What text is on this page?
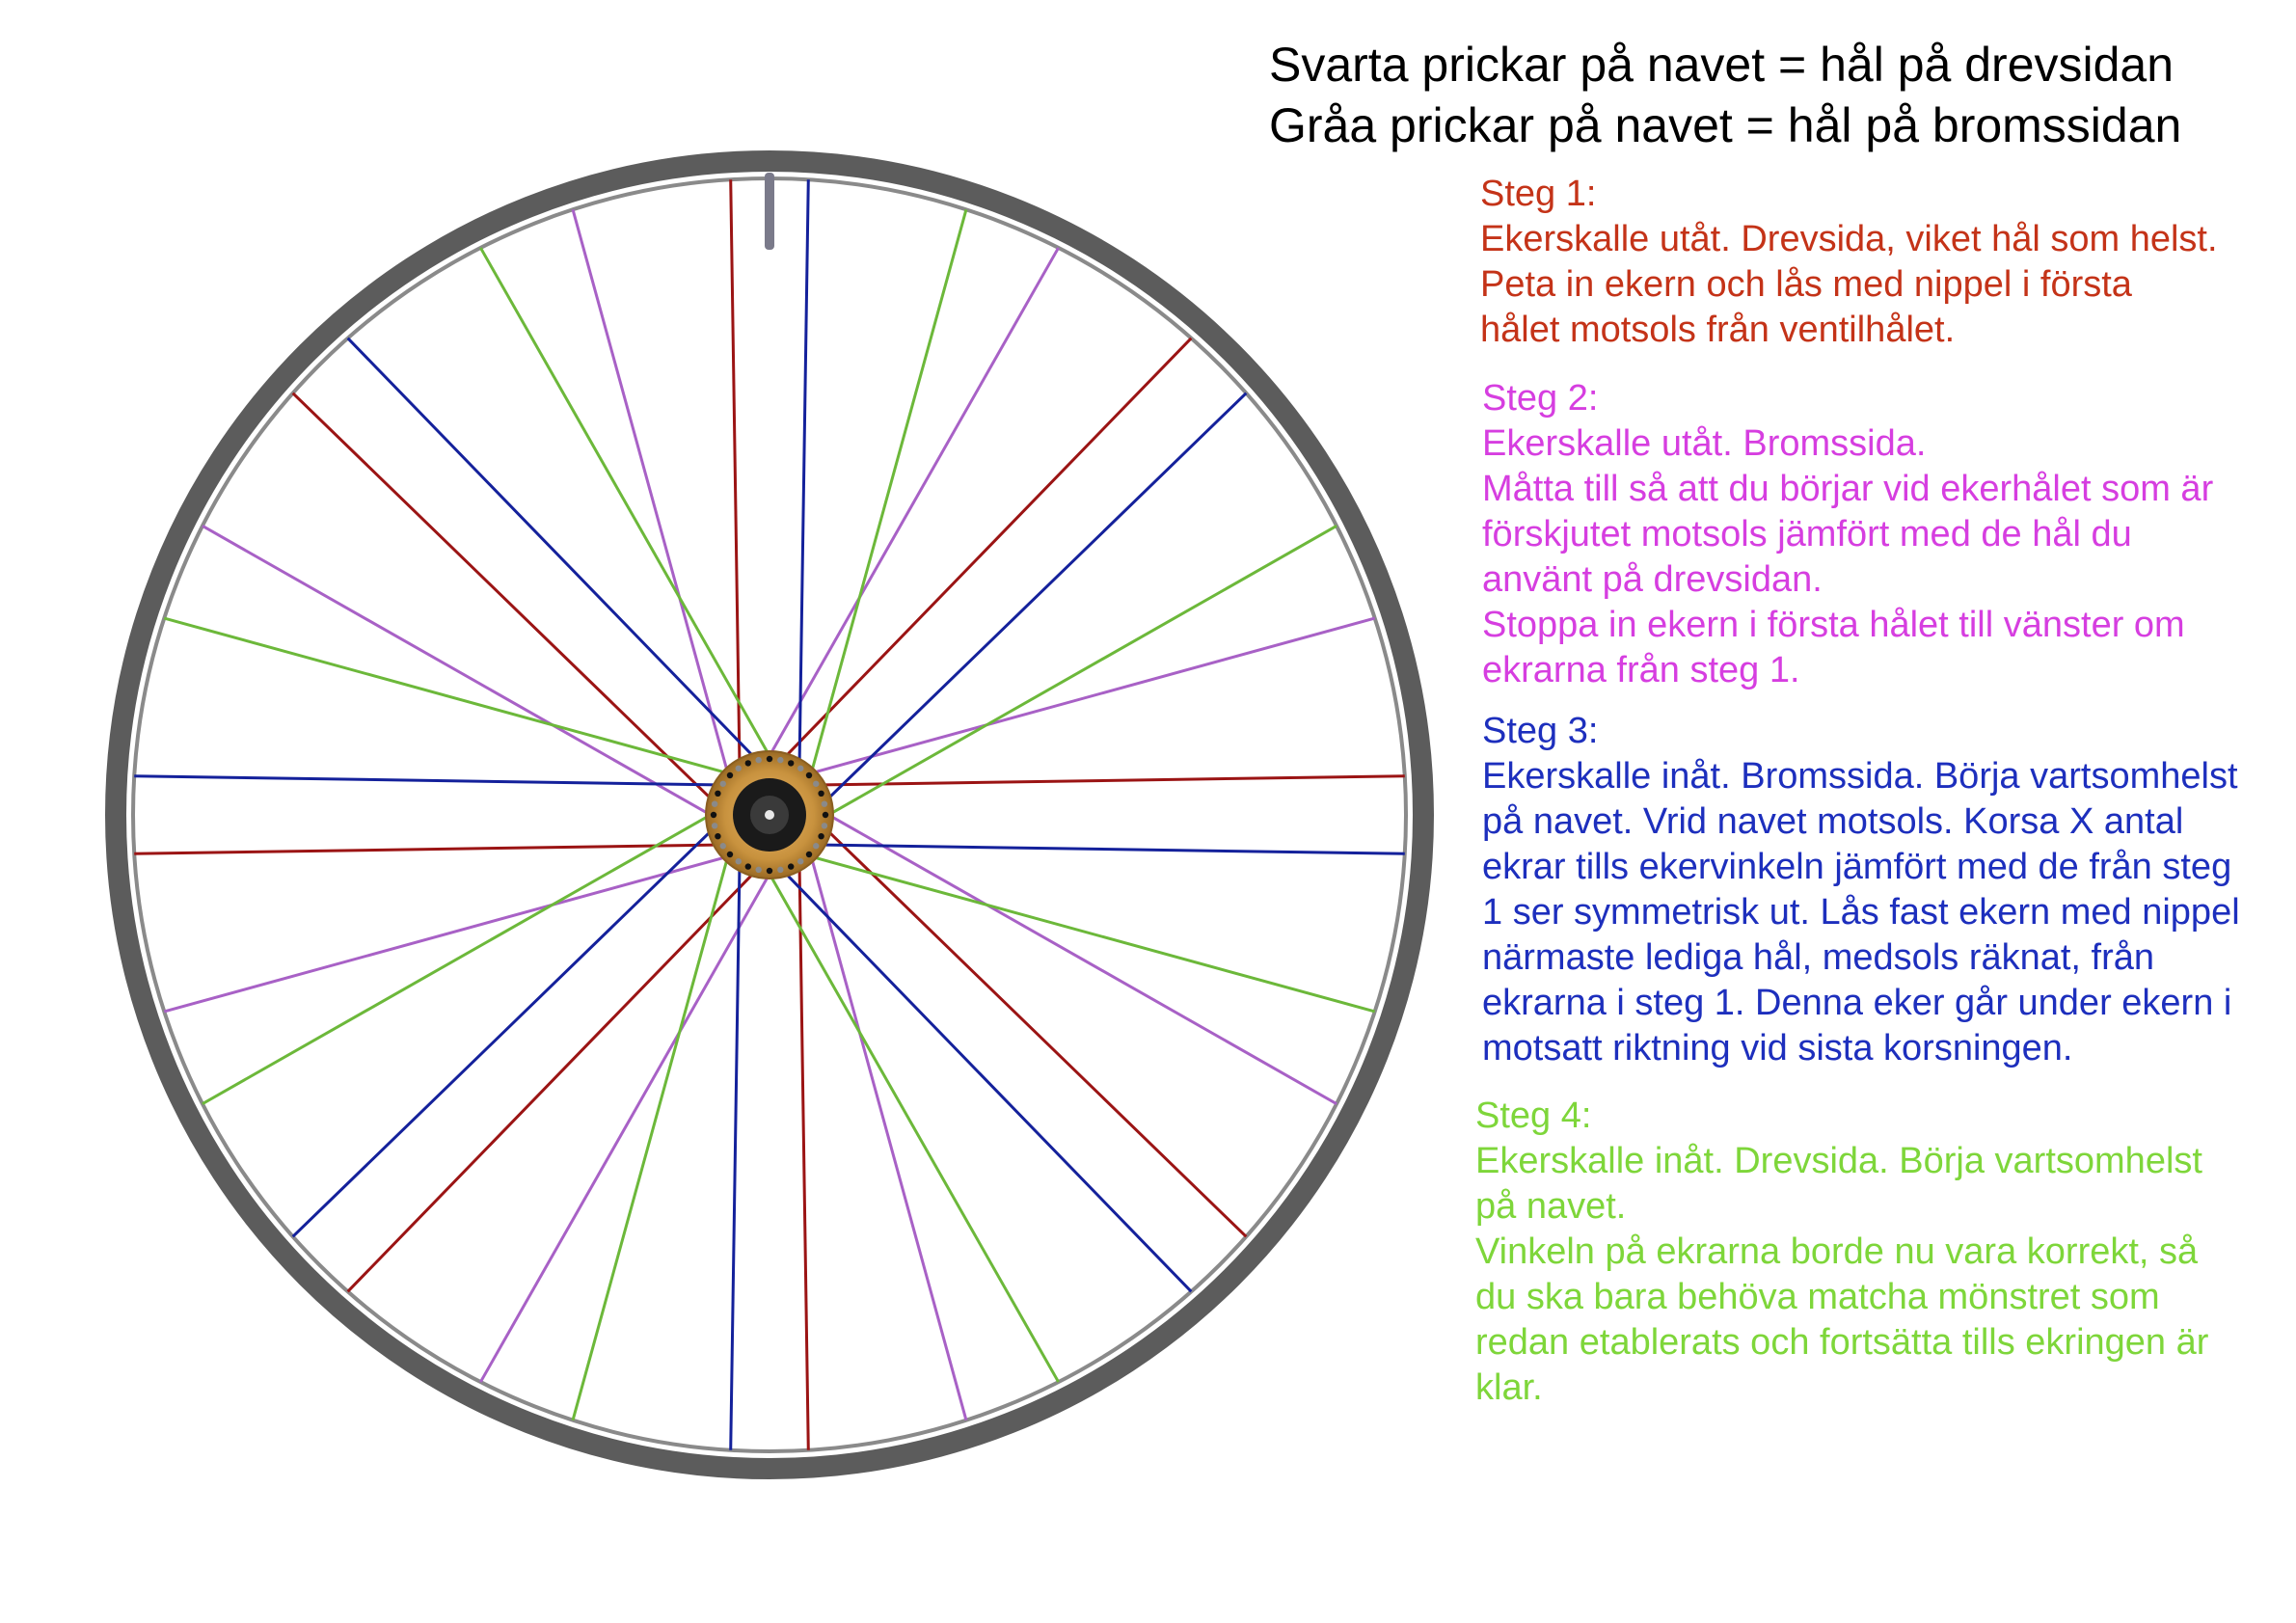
Svarta prickar på navet = hål på drevsidan
Gråa prickar på navet = hål på bromssidan
Steg 1:
Ekerskalle utåt. Drevsida, viket hål som helst.
Peta in ekern och lås med nippel i första
hålet motsols från ventilhålet.
Steg 2:
Ekerskalle utåt. Bromssida.
Måtta till så att du börjar vid ekerhålet som är
förskjutet motsols jämfört med de hål du
använt på drevsidan.
Stoppa in ekern i första hålet till vänster om
ekrarna från steg 1.
Steg 3:
Ekerskalle inåt. Bromssida. Börja vartsomhelst
på navet. Vrid navet motsols. Korsa X antal
ekrar tills ekervinkeln jämfört med de från steg
1 ser symmetrisk ut. Lås fast ekern med nippel
närmaste lediga hål, medsols räknat, från
ekrarna i steg 1. Denna eker går under ekern i
motsatt riktning vid sista korsningen.
Steg 4:
Ekerskalle inåt. Drevsida. Börja vartsomhelst
på navet.
Vinkeln på ekrarna borde nu vara korrekt, så
du ska bara behöva matcha mönstret som
redan etablerats och fortsätta tills ekringen är
klar.
